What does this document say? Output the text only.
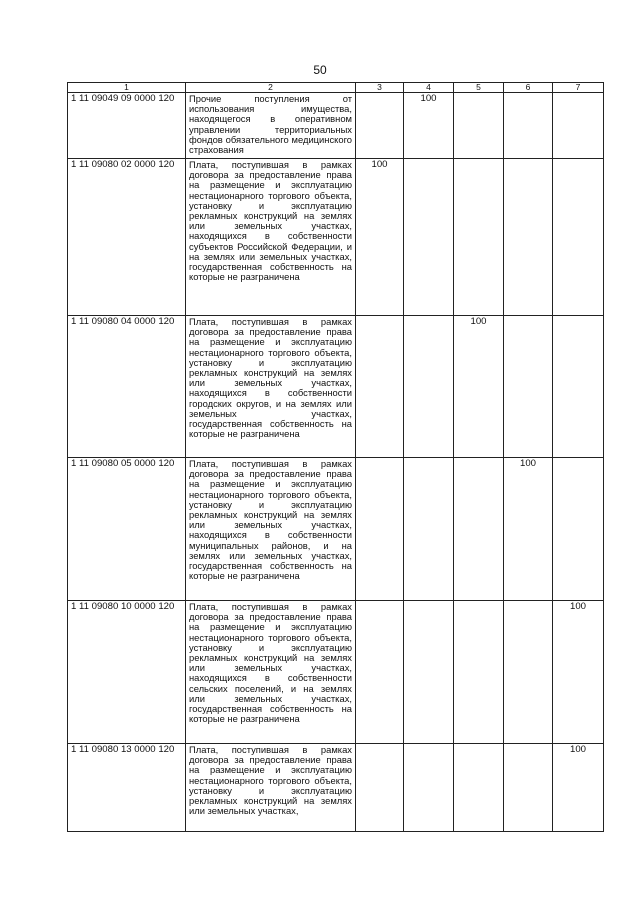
50
1	2	3	4	5	6	7
1 11 09049 09 0000 120	Прочие поступления от использования имущества, находящегося в оперативном управлении территориальных фондов обязательного медицинского страхования		100			
1 11 09080 02 0000 120	Плата, поступившая в рамках договора за предоставление права на размещение и эксплуатацию нестационарного торгового объекта, установку и эксплуатацию рекламных конструкций на землях или земельных участках, находящихся в собственности субъектов Российской Федерации, и на землях или земельных участках, государственная собственность на которые не разграничена	100				
1 11 09080 04 0000 120	Плата, поступившая в рамках договора за предоставление права на размещение и эксплуатацию нестационарного торгового объекта, установку и эксплуатацию рекламных конструкций на землях или земельных участках, находящихся в собственности городских округов, и на землях или земельных участках, государственная собственность на которые не разграничена			100		
1 11 09080 05 0000 120	Плата, поступившая в рамках договора за предоставление права на размещение и эксплуатацию нестационарного торгового объекта, установку и эксплуатацию рекламных конструкций на землях или земельных участках, находящихся в собственности муниципальных районов, и на землях или земельных участках, государственная собственность на которые не разграничена				100	
1 11 09080 10 0000 120	Плата, поступившая в рамках договора за предоставление права на размещение и эксплуатацию нестационарного торгового объекта, установку и эксплуатацию рекламных конструкций на землях или земельных участках, находящихся в собственности сельских поселений, и на землях или земельных участках, государственная собственность на которые не разграничена					100
1 11 09080 13 0000 120	Плата, поступившая в рамках договора за предоставление права на размещение и эксплуатацию нестационарного торгового объекта, установку и эксплуатацию рекламных конструкций на землях или земельных участках,					100
